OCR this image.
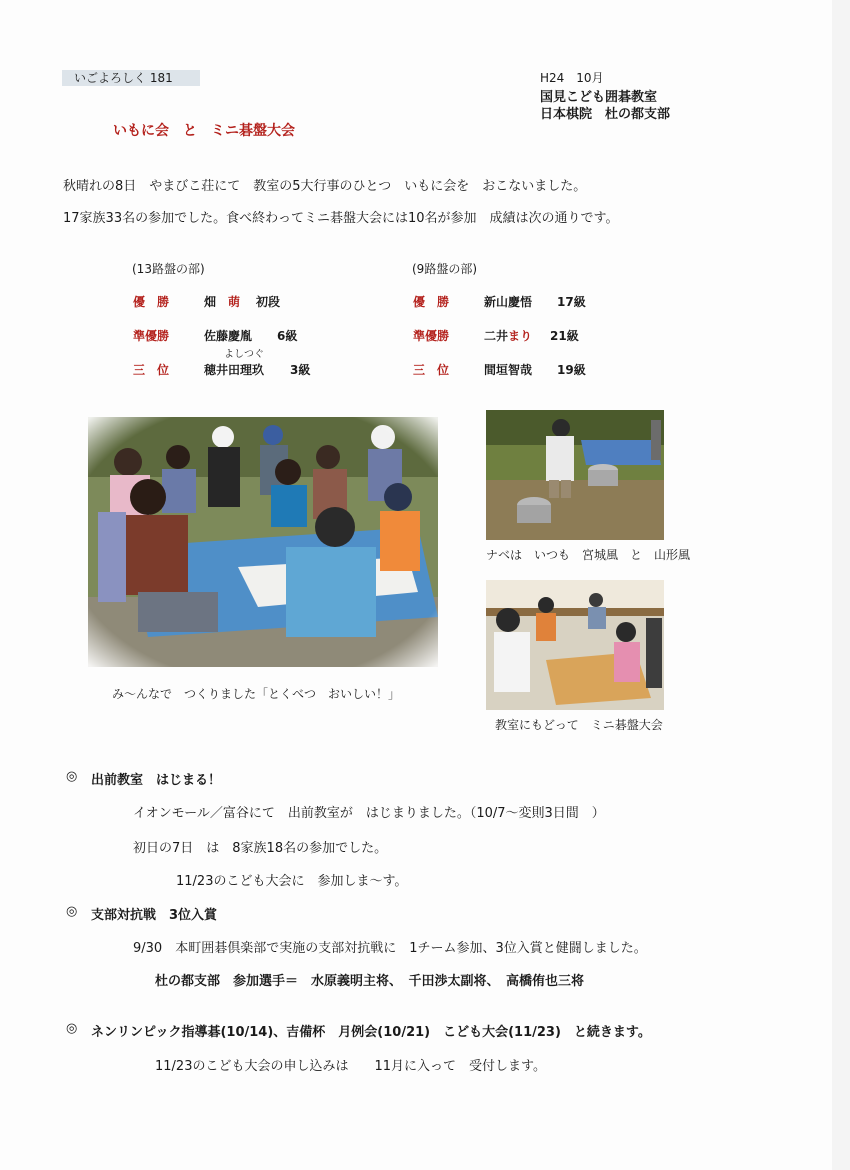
いごよろしく 181	H24　10月
国見こども囲碁教室
日本棋院　杜の都支部
いもに会　と　ミニ碁盤大会
秋晴れの8日　やまびこ荘にて　教室の5大行事のひとつ　いもに会を　おこないました。
17家族33名の参加でした。食べ終わってミニ碁盤大会には10名が参加　成績は次の通りです。
(13路盤の部)
優　勝	畑　 萌 初段
準優勝	佐藤慶胤 6級
よしつぐ
三　位	穂井田理玖 3級
(9路盤の部)
優　勝	新山慶悟 17級
準優勝	二井まり 21級
三　位	間垣智哉 19級
み～んなで　つくりました「とくべつ　おいしい！」
ナベは　いつも　宮城風　と　山形風
教室にもどって　ミニ碁盤大会
◎ 出前教室　はじまる！
イオンモール／富谷にて　出前教室が　はじまりました。（10/7～変則3日間　）
初日の7日　は　8家族18名の参加でした。
11/23のこども大会に　参加しま～す。
◎ 支部対抗戦　3位入賞
9/30　本町囲碁倶楽部で実施の支部対抗戦に　1チーム参加、3位入賞と健闘しました。
杜の都支部　参加選手＝　水原義明主将、　千田渉太副将、　高橋侑也三将
◎ ネンリンピック指導碁(10/14)、吉備杯　月例会(10/21)　こども大会(11/23)　と続きます。
11/23のこども大会の申し込みは　　11月に入って　受付します。
